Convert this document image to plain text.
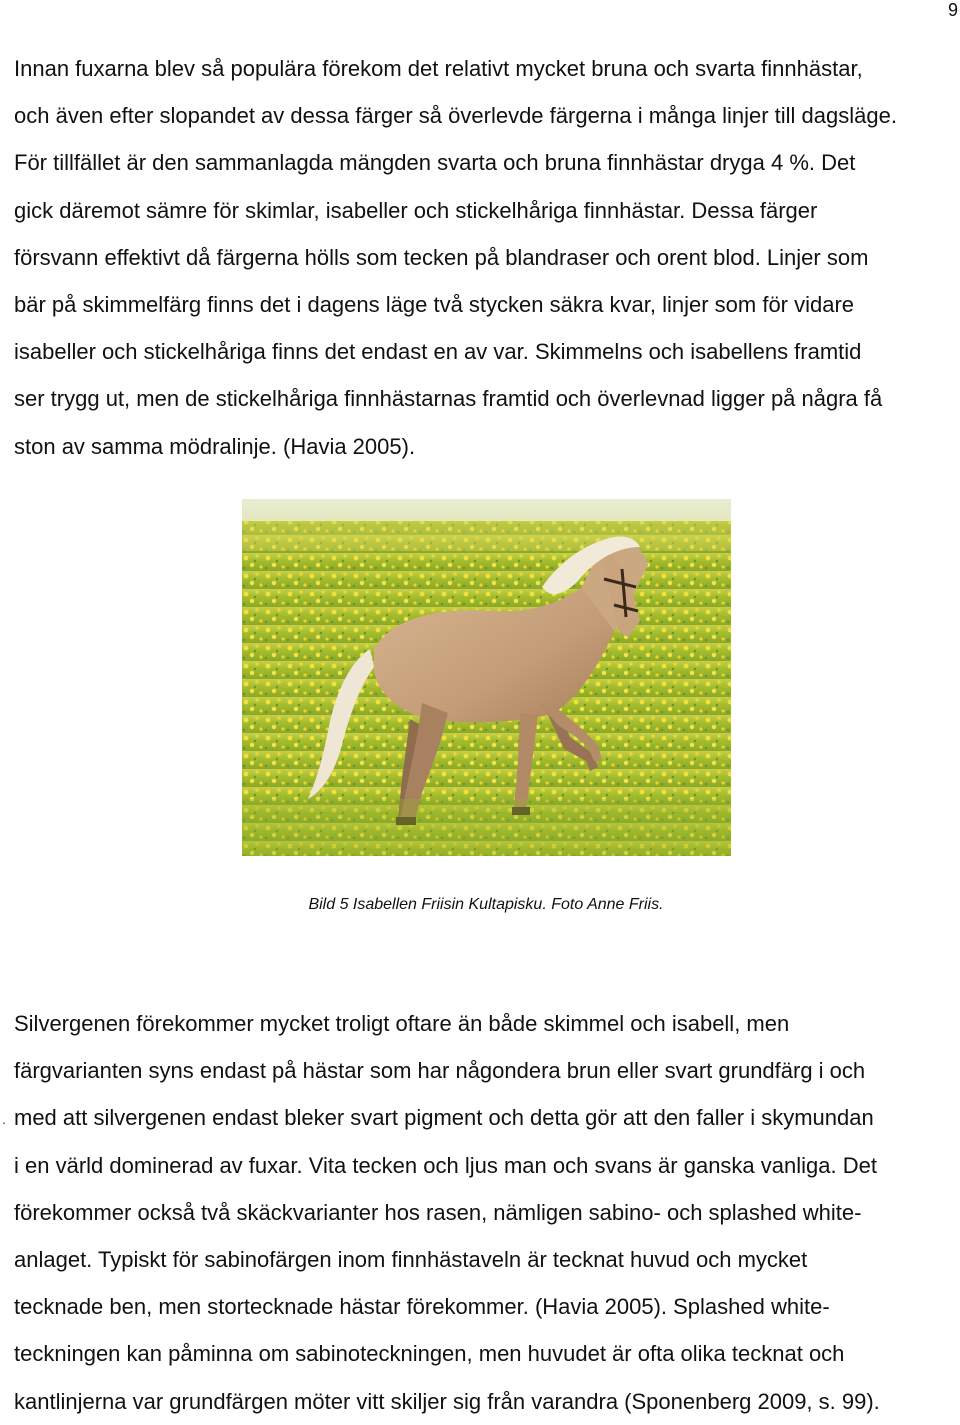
9

Innan fuxarna blev så populära förekom det relativt mycket bruna och svarta finnhästar,
och även efter slopandet av dessa färger så överlevde färgerna i många linjer till dagsläge.
För tillfället är den sammanlagda mängden svarta och bruna finnhästar dryga 4 %. Det
gick däremot sämre för skimlar, isabeller och stickelhåriga finnhästar. Dessa färger
försvann effektivt då färgerna hölls som tecken på blandraser och orent blod. Linjer som
bär på skimmelfärg finns det i dagens läge två stycken säkra kvar, linjer som för vidare
isabeller och stickelhåriga finns det endast en av var. Skimmelns och isabellens framtid
ser trygg ut, men de stickelhåriga finnhästarnas framtid och överlevnad ligger på några få
ston av samma mödralinje. (Havia 2005).

Bild 5 Isabellen Friisin Kultapisku. Foto Anne Friis.
.

Silvergenen förekommer mycket troligt oftare än både skimmel och isabell, men
färgvarianten syns endast på hästar som har någondera brun eller svart grundfärg i och
med att silvergenen endast bleker svart pigment och detta gör att den faller i skymundan
i en värld dominerad av fuxar. Vita tecken och ljus man och svans är ganska vanliga. Det
förekommer också två skäckvarianter hos rasen, nämligen sabino- och splashed white-
anlaget. Typiskt för sabinofärgen inom finnhästaveln är tecknat huvud och mycket
tecknade ben, men stortecknade hästar förekommer. (Havia 2005). Splashed white-
teckningen kan påminna om sabinoteckningen, men huvudet är ofta olika tecknat och
kantlinjerna var grundfärgen möter vitt skiljer sig från varandra (Sponenberg 2009, s. 99).
